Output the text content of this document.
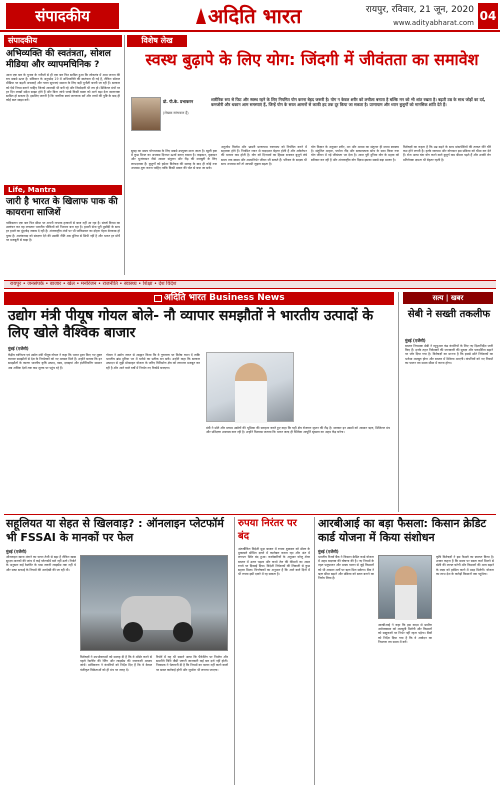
संपादकीय	अदिति भारत	रायपुर, रविवार, 21 जून, 2020
www.adityabharat.com 04
संपादकीय
अभिव्यक्ति की स्वतंत्रता, सोशल मीडिया और व्यापमचिनिक ?
आज एक बार के चुनाव के नतीजों से ही एक बार फिर साबित हुआ कि लोकतंत्र में आम जनता की राय सबसे ऊपर है। संविधान के अनुच्छेद 19 में अभिव्यक्ति की स्वतंत्रता दी गई है, लेकिन सोशल मीडिया पर बढ़ती अफवाहें और गलत सूचनाएं समाज के लिए बड़ी चुनौती बनती जा रही हैं। सरकार को ऐसे नियम बनाने चाहिए जिनसे आजादी भी बनी रहे और जिम्मेदारी भी तय हो। डिजिटल मंचों पर हर दिन लाखों संदेश साझा होते हैं और बिना जांचे परखे किसी खबर को आगे बढ़ा देना खतरनाक साबित हो सकता है। इसलिए जरूरी है कि नागरिक स्वयं जागरूक बनें और तथ्यों की पुष्टि के बाद ही कोई बात साझा करें।
Life, Mantra
जारी है भारत के खिलाफ पाक की कायराना साजिशें
पाकिस्तान एक बार फिर सीमा पर अपनी नापाक हरकतों से बाज नहीं आ रहा है। संघर्ष विराम का उल्लंघन कर वह लगातार भारतीय चौकियों को निशाना बना रहा है। हमारी सेना पूरी मुस्तैदी के साथ हर हमले का मुंहतोड़ जवाब दे रही है। अंतरराष्ट्रीय मंचों पर भी पाकिस्तान का दोहरा चेहरा बेनकाब हो चुका है। आतंकवाद को संरक्षण देने की उसकी नीति अब दुनिया से छिपी नहीं है और भारत हर मोर्चे पर मजबूती से खड़ा है।
विशेष लेख
स्वस्थ बुढ़ापे के लिए योग: जिंदगी में जीवंतता का समावेश
प्रो. पी.के. प्रभाकरन
(लेखक स्तंभकार हैं)
शारीरिक रूप से फिट और स्वस्थ रहने के लिए नियमित योग करना बेहद जरूरी है। योग न केवल शरीर को लचीला बनाता है बल्कि मन को भी शांत रखता है। बढ़ती उम्र के साथ जोड़ों का दर्द, कमजोरी और थकान आम समस्याएं हैं, जिन्हें योग के सरल आसनों से काफी हद तक दूर किया जा सकता है। प्राणायाम और ध्यान बुजुर्गों को मानसिक शांति देते हैं।
सुबह का समय योगाभ्यास के लिए सबसे उपयुक्त माना जाता है। खुली हवा में कुछ मिनट का अभ्यास दिनभर ऊर्जा बनाए रखता है। ताड़ासन, वृक्षासन और भुजंगासन जैसे आसन संतुलन और रीढ़ की मजबूती के लिए लाभदायक हैं। बुजुर्गों को हमेशा विशेषज्ञ की सलाह के बाद ही कोई नया अभ्यास शुरू करना चाहिए ताकि किसी प्रकार की चोट से बचा जा सके।
अनुलोम विलोम और भ्रामरी प्राणायाम रक्तचाप को नियंत्रित करने में सहायक होते हैं। नियमित ध्यान से याददाश्त बेहतर होती है और अकेलेपन की भावना कम होती है। योग को दिनचर्या का हिस्सा बनाकर बुजुर्ग लंबे समय तक स्वस्थ और आत्मनिर्भर जीवन जी सकते हैं। परिवार के सदस्य भी साथ अभ्यास करें तो आपसी जुड़ाव बढ़ता है।
योग विज्ञान के अनुसार शरीर, मन और आत्मा का संतुलन ही सच्चा स्वास्थ्य है। संतुलित आहार, पर्याप्त नींद और सकारात्मक सोच के साथ किया गया योग जीवन में नई जीवंतता भर देता है। आज पूरी दुनिया योग के महत्व को स्वीकार कर रही है और अंतरराष्ट्रीय योग दिवस इसका सबसे बड़ा प्रमाण है।
विशेषज्ञों का कहना है कि उम्र बढ़ने के साथ मांसपेशियों की ताकत धीरे धीरे कम होने लगती है। हल्के व्यायाम और योगासन इस प्रक्रिया को धीमा कर देते हैं। रोज आधा घंटा योग करने वाले बुजुर्ग कम बीमार पड़ते हैं और उनकी रोग प्रतिरोधक क्षमता भी बेहतर रहती है।
रायपुर • जनसंपर्क • बाजार • खेल • मनोरंजन • राजनीति • स्वास्थ्य • शिक्षा • देश विदेश
अदिति भारत Business News
उद्योग मंत्री पीयूष गोयल बोले- नौ व्यापार समझौतों ने भारतीय उत्पादों के लिए खोले वैश्विक बाजार
मुंबई (एजेंसी)
केंद्रीय वाणिज्य एवं उद्योग मंत्री पीयूष गोयल ने कहा कि भारत द्वारा किए गए मुक्त व्यापार समझौतों से देश के निर्यातकों को नए अवसर मिले हैं। उन्होंने बताया कि इन समझौतों के कारण भारतीय कृषि उत्पाद, वस्त्र, दवाइयां और इंजीनियरिंग सामान अब अधिक देशों तक कम शुल्क पर पहुंच रहे हैं।
गोयल ने उद्योग जगत से आह्वान किया कि वे गुणवत्ता पर विशेष ध्यान दें ताकि भारतीय ब्रांड दुनिया भर में भरोसे का प्रतीक बन सकें। उन्होंने कहा कि सरकार उत्पादन से जुड़ी प्रोत्साहन योजना के जरिए विनिर्माण क्षेत्र को लगातार मजबूत कर रही है और आने वाले वर्षों में निर्यात नए रिकॉर्ड बनाएगा।
मंत्री ने छोटे और मध्यम उद्योगों की भूमिका की सराहना करते हुए कहा कि यही क्षेत्र रोजगार सृजन की रीढ़ है। सरकार इन उद्यमों को आसान ऋण, डिजिटल मंच और प्रशिक्षण उपलब्ध करा रही है। उन्होंने विश्वास जताया कि भारत जल्द ही वैश्विक आपूर्ति श्रृंखला का अहम केंद्र बनेगा।
सत्य | खबर
सेबी ने सख्ती तकलीफ
मुंबई (एजेंसी)
बाजार नियामक सेबी ने म्यूचुअल फंड कंपनियों के लिए नए दिशानिर्देश जारी किए हैं। इनके तहत निवेशकों की जानकारी की सुरक्षा और पारदर्शिता बढ़ाने पर जोर दिया गया है। विशेषज्ञों का मानना है कि इससे छोटे निवेशकों का भरोसा मजबूत होगा और बाजार में स्थिरता आएगी। कंपनियों को नए नियमों का पालन तय समय सीमा में करना होगा।
सहूलियत या सेहत से खिलवाड़? : ऑनलाइन प्लेटफॉर्म भी FSSAI के मानकों पर फेल
मुंबई (एजेंसी)
ऑनलाइन खाना मंगाने का चलन तेजी से बढ़ा है लेकिन खाद्य सुरक्षा मानकों की जांच में कई प्लेटफॉर्म खरे नहीं उतरे। रिपोर्ट के अनुसार कई रेस्टोरेंट के पास जरूरी लाइसेंस तक नहीं थे और साफ सफाई के नियमों की अनदेखी की जा रही थी।
विशेषज्ञों ने उपभोक्ताओं को सलाह दी है कि वे ऑर्डर करने से पहले रेस्टोरेंट की रेटिंग और लाइसेंस की जानकारी अवश्य जांचें। प्राधिकरण ने कंपनियों को निर्देश दिए हैं कि वे केवल पंजीकृत विक्रेताओं को ही मंच पर जगह दें।
रिपोर्ट में यह भी सामने आया कि पैकेजिंग पर निर्माण और समाप्ति तिथि जैसी जरूरी जानकारी कई बार दर्ज नहीं होती। नियामक ने चेतावनी दी है कि नियमों का पालन नहीं करने वालों पर सख्त कार्रवाई होगी और जुर्माना भी लगाया जाएगा।
रुपया निरंतर पर बंद
अंतरबैंकिंग विदेशी मुद्रा बाजार में रुपया शुक्रवार को डॉलर के मुकाबले सीमित दायरे में कारोबार करता रहा और अंत में लगभग स्थिर बंद हुआ। कारोबारियों के अनुसार घरेलू शेयर बाजार में उतार चढ़ाव और कच्चे तेल की कीमतों का असर रुपये पर दिखाई दिया। विदेशी निवेशकों की लिवाली से कुछ सहारा मिला। विश्लेषकों का अनुमान है कि आने वाले दिनों में भी रुपया इसी दायरे में रह सकता है।
आरबीआई का बड़ा फैसला: किसान क्रेडिट कार्ड योजना में किया संशोधन
मुंबई (एजेंसी)
भारतीय रिजर्व बैंक ने किसान क्रेडिट कार्ड योजना में अहम बदलाव की घोषणा की है। नए नियमों के तहत पशुपालन और मत्स्य पालन से जुड़े किसानों को भी आसान शर्तों पर ऋण मिल सकेगा। बैंक ने ऋण सीमा बढ़ाने और प्रक्रिया को सरल बनाने का निर्णय लिया है।
आरबीआई ने कहा कि इस कदम से ग्रामीण अर्थव्यवस्था को मजबूती मिलेगी और किसानों को साहूकारों पर निर्भर नहीं रहना पड़ेगा। बैंकों को निर्देश दिया गया है कि वे आवेदन का निपटारा तय समय में करें।
कृषि विशेषज्ञों ने इस फैसले का स्वागत किया है। उनका कहना है कि समय पर सस्ता कर्ज मिलने से खेती की लागत घटेगी और किसानों की आय बढ़ाने के लक्ष्य को हासिल करने में मदद मिलेगी। योजना का लाभ देश के करोड़ों किसानों तक पहुंचेगा।
